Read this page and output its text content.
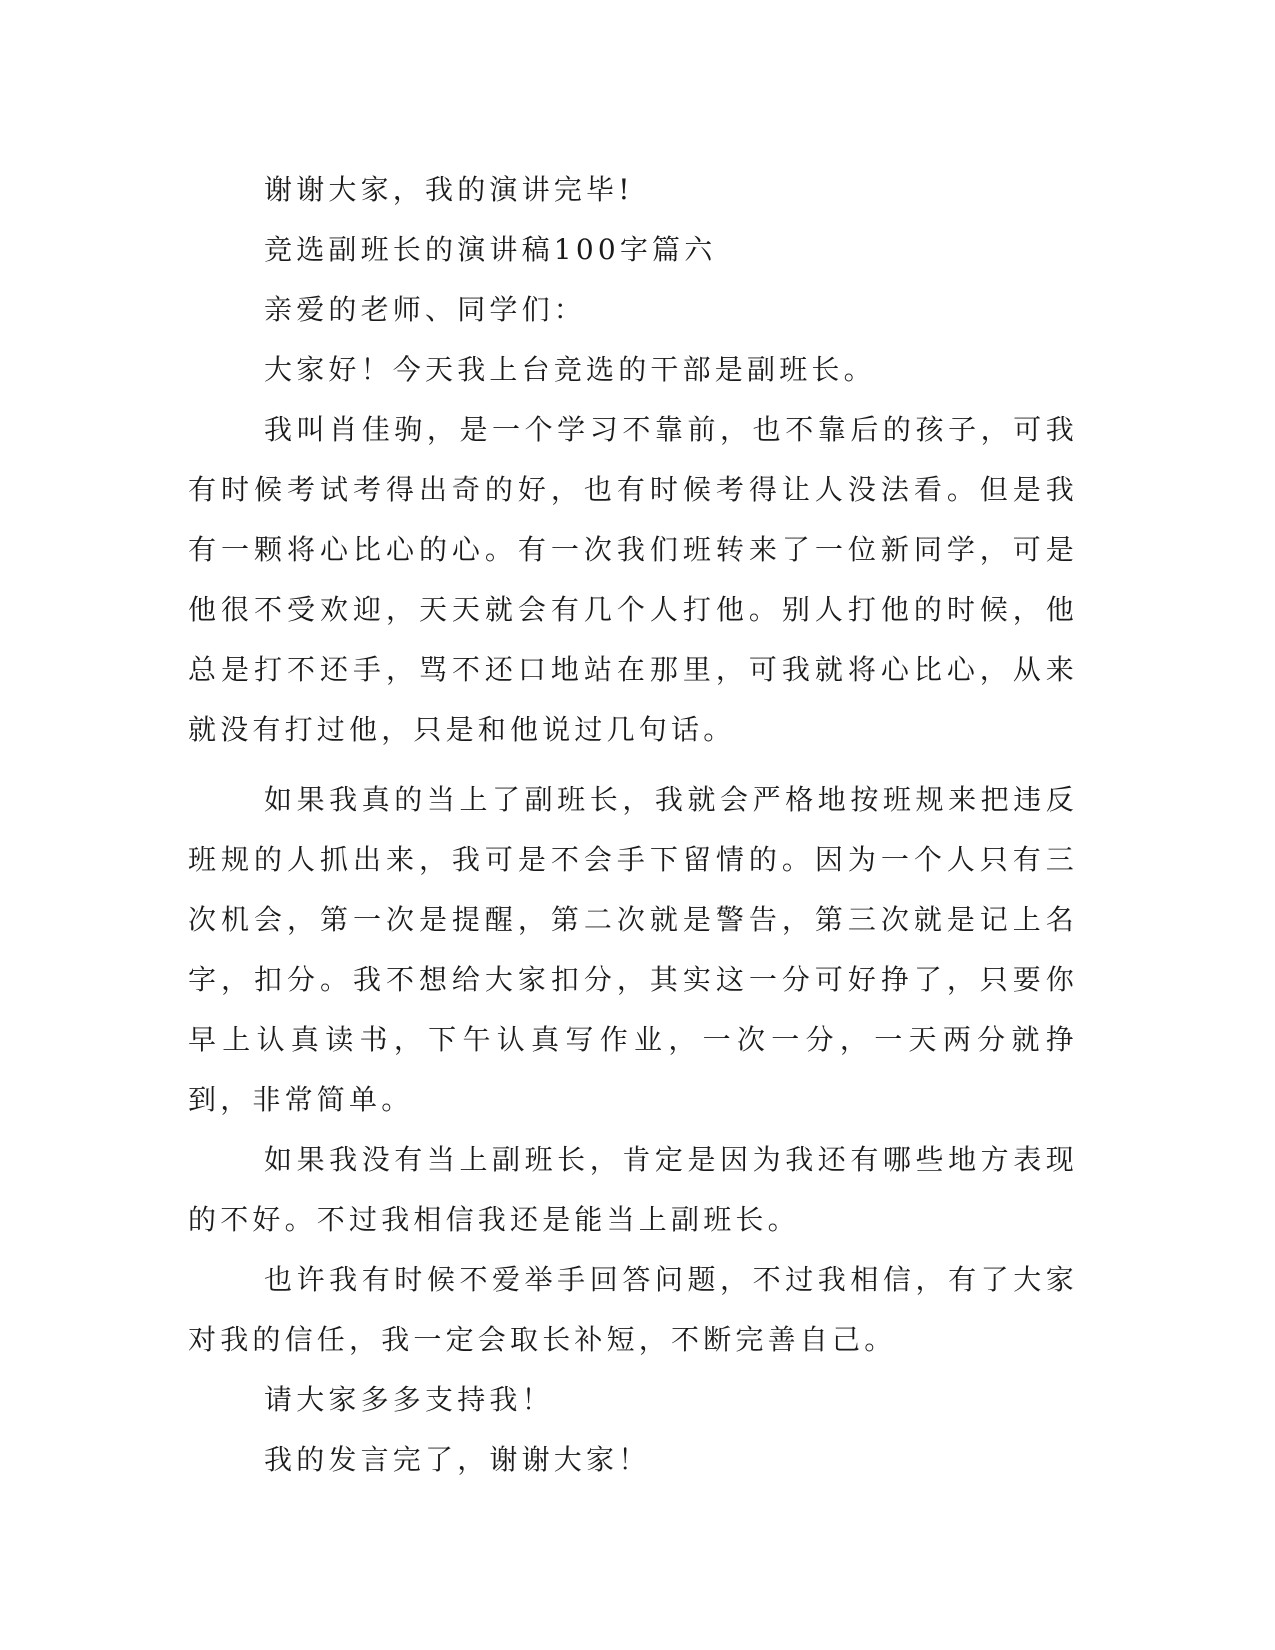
谢谢大家，我的演讲完毕!

竞选副班长的演讲稿100字篇六

亲爱的老师、同学们：

大家好！今天我上台竞选的干部是副班长。

我叫肖佳驹，是一个学习不靠前，也不靠后的孩子，可我有时候考试考得出奇的好，也有时候考得让人没法看。但是我有一颗将心比心的心。有一次我们班转来了一位新同学，可是他很不受欢迎，天天就会有几个人打他。别人打他的时候，他总是打不还手，骂不还口地站在那里，可我就将心比心，从来就没有打过他，只是和他说过几句话。

如果我真的当上了副班长，我就会严格地按班规来把违反班规的人抓出来，我可是不会手下留情的。因为一个人只有三次机会，第一次是提醒，第二次就是警告，第三次就是记上名字，扣分。我不想给大家扣分，其实这一分可好挣了，只要你早上认真读书，下午认真写作业，一次一分，一天两分就挣到，非常简单。

如果我没有当上副班长，肯定是因为我还有哪些地方表现的不好。不过我相信我还是能当上副班长。

也许我有时候不爱举手回答问题，不过我相信，有了大家对我的信任，我一定会取长补短，不断完善自己。

请大家多多支持我！

我的发言完了，谢谢大家！
